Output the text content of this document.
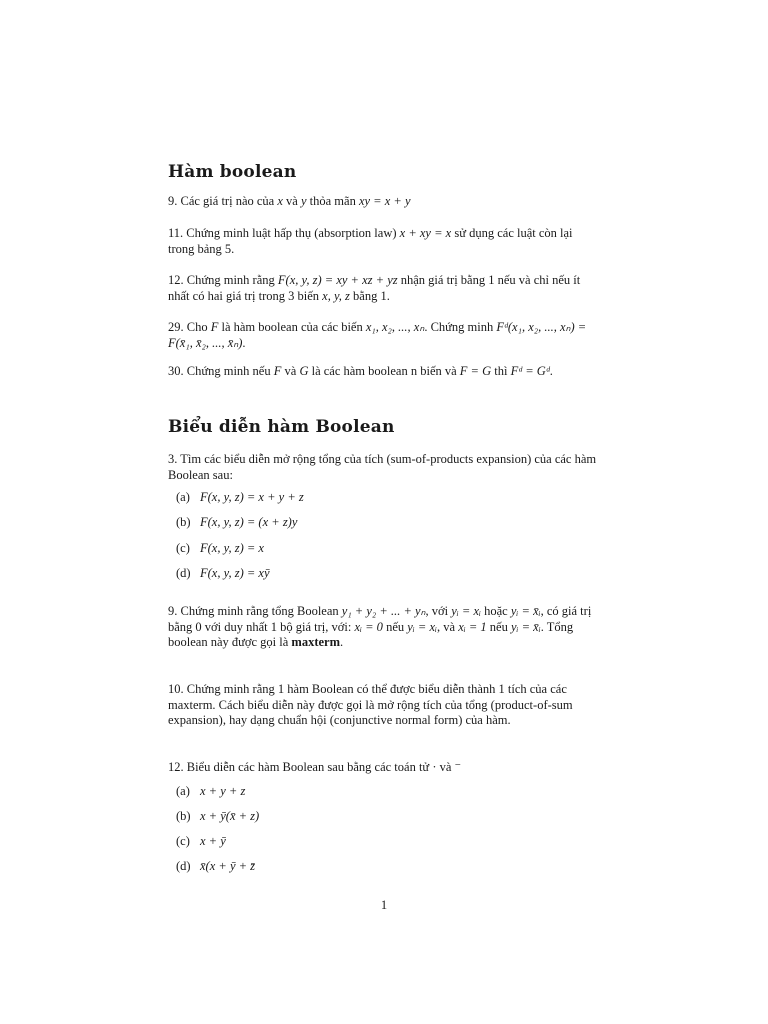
Hàm boolean

9. Các giá trị nào của x và y thỏa mãn xy = x + y

11. Chứng minh luật hấp thụ (absorption law) x + xy = x sử dụng các luật còn lại trong bảng 5.

12. Chứng minh rằng F(x, y, z) = xy + xz + yz nhận giá trị bằng 1 nếu và chỉ nếu ít nhất có hai giá trị trong 3 biến x, y, z bằng 1.

29. Cho F là hàm boolean của các biến x₁, x₂, ..., xₙ. Chứng minh Fᵈ(x₁, x₂, ..., xₙ) = F(x̄₁, x̄₂, ..., x̄ₙ).

30. Chứng minh nếu F và G là các hàm boolean n biến và F = G thì Fᵈ = Gᵈ.

Biểu diễn hàm Boolean

3. Tìm các biểu diễn mở rộng tổng của tích (sum-of-products expansion) của các hàm Boolean sau:

(a) F(x, y, z) = x + y + z

(b) F(x, y, z) = (x + z)y

(c) F(x, y, z) = x

(d) F(x, y, z) = xȳ

9. Chứng minh rằng tổng Boolean y₁ + y₂ + ... + yₙ, với yᵢ = xᵢ hoặc yᵢ = x̄ᵢ, có giá trị bằng 0 với duy nhất 1 bộ giá trị, với: xᵢ = 0 nếu yᵢ = xᵢ, và xᵢ = 1 nếu yᵢ = x̄ᵢ. Tổng boolean này được gọi là maxterm.

10. Chứng minh rằng 1 hàm Boolean có thể được biểu diễn thành 1 tích của các maxterm. Cách biểu diễn này được gọi là mở rộng tích của tổng (product-of-sum expansion), hay dạng chuẩn hội (conjunctive normal form) của hàm.

12. Biểu diễn các hàm Boolean sau bằng các toán tử · và ⁻

(a) x + y + z

(b) x + ȳ(x̄ + z)

(c) x + ȳ

(d) x̄(x + ȳ + z̄

1
